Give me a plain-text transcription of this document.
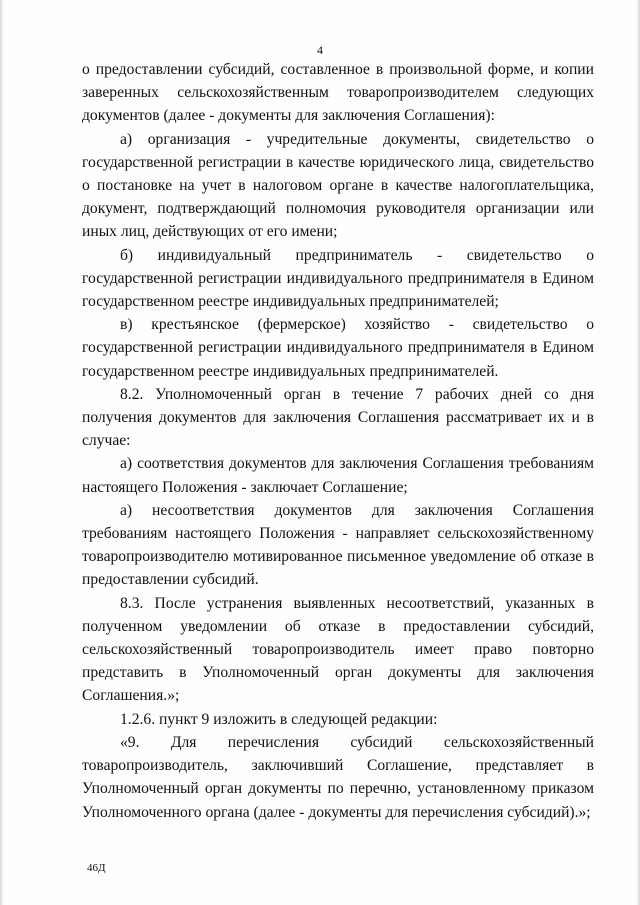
4

о предоставлении субсидий, составленное в произвольной форме, и копии заверенных сельскохозяйственным товаропроизводителем следующих документов (далее - документы для заключения Соглашения):

а) организация - учредительные документы, свидетельство о государственной регистрации в качестве юридического лица, свидетельство о постановке на учет в налоговом органе в качестве налогоплательщика, документ, подтверждающий полномочия руководителя организации или иных лиц, действующих от его имени;

б) индивидуальный предприниматель - свидетельство о государственной регистрации индивидуального предпринимателя в Едином государственном реестре индивидуальных предпринимателей;

в) крестьянское (фермерское) хозяйство - свидетельство о государственной регистрации индивидуального предпринимателя в Едином государственном реестре индивидуальных предпринимателей.

8.2. Уполномоченный орган в течение 7 рабочих дней со дня получения документов для заключения Соглашения рассматривает их и в случае:

а) соответствия документов для заключения Соглашения требованиям настоящего Положения - заключает Соглашение;

а) несоответствия документов для заключения Соглашения требованиям настоящего Положения - направляет сельскохозяйственному товаропроизводителю мотивированное письменное уведомление об отказе в предоставлении субсидий.

8.3. После устранения выявленных несоответствий, указанных в полученном уведомлении об отказе в предоставлении субсидий, сельскохозяйственный товаропроизводитель имеет право повторно представить в Уполномоченный орган документы для заключения Соглашения.»;

1.2.6. пункт 9 изложить в следующей редакции:

«9. Для перечисления субсидий сельскохозяйственный товаропроизводитель, заключивший Соглашение, представляет в Уполномоченный орган документы по перечню, установленному приказом Уполномоченного органа (далее - документы для перечисления субсидий).»;

46Д
